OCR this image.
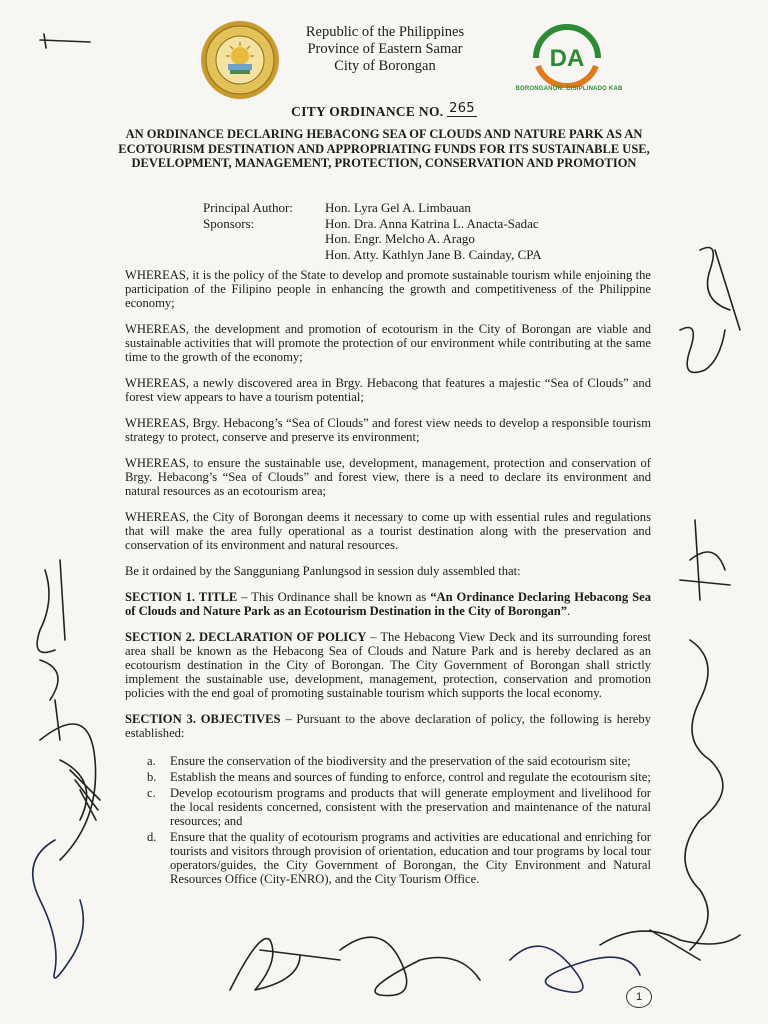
Republic of the Philippines
Province of Eastern Samar
City of Borongan	DA
BORONGANON: DISIPLINADO KAB
CITY ORDINANCE NO. 265
AN ORDINANCE DECLARING HEBACONG SEA OF CLOUDS AND NATURE PARK AS AN ECOTOURISM DESTINATION AND APPROPRIATING FUNDS FOR ITS SUSTAINABLE USE, DEVELOPMENT, MANAGEMENT, PROTECTION, CONSERVATION AND PROMOTION
Principal Author:	Hon. Lyra Gel A. Limbauan
Sponsors:	Hon. Dra. Anna Katrina L. Anacta-Sadac
Hon. Engr. Melcho A. Arago
Hon. Atty. Kathlyn Jane B. Cainday, CPA

WHEREAS, it is the policy of the State to develop and promote sustainable tourism while enjoining the participation of the Filipino people in enhancing the growth and competitiveness of the Philippine economy;

WHEREAS, the development and promotion of ecotourism in the City of Borongan are viable and sustainable activities that will promote the protection of our environment while contributing at the same time to the growth of the economy;

WHEREAS, a newly discovered area in Brgy. Hebacong that features a majestic “Sea of Clouds” and forest view appears to have a tourism potential;

WHEREAS, Brgy. Hebacong’s “Sea of Clouds” and forest view needs to develop a responsible tourism strategy to protect, conserve and preserve its environment;

WHEREAS, to ensure the sustainable use, development, management, protection and conservation of Brgy. Hebacong’s “Sea of Clouds” and forest view, there is a need to declare its environment and natural resources as an ecotourism area;

WHEREAS, the City of Borongan deems it necessary to come up with essential rules and regulations that will make the area fully operational as a tourist destination along with the preservation and conservation of its environment and natural resources.

Be it ordained by the Sangguniang Panlungsod in session duly assembled that:

SECTION 1. TITLE – This Ordinance shall be known as “An Ordinance Declaring Hebacong Sea of Clouds and Nature Park as an Ecotourism Destination in the City of Borongan”.

SECTION 2. DECLARATION OF POLICY – The Hebacong View Deck and its surrounding forest area shall be known as the Hebacong Sea of Clouds and Nature Park and is hereby declared as an ecotourism destination in the City of Borongan. The City Government of Borongan shall strictly implement the sustainable use, development, management, protection, conservation and promotion policies with the end goal of promoting sustainable tourism which supports the local economy.

SECTION 3. OBJECTIVES – Pursuant to the above declaration of policy, the following is hereby established:

a. Ensure the conservation of the biodiversity and the preservation of the said ecotourism site;
b. Establish the means and sources of funding to enforce, control and regulate the ecotourism site;
c. Develop ecotourism programs and products that will generate employment and livelihood for the local residents concerned, consistent with the preservation and maintenance of the natural resources; and
d. Ensure that the quality of ecotourism programs and activities are educational and enriching for tourists and visitors through provision of orientation, education and tour programs by local tour operators/guides, the City Government of Borongan, the City Environment and Natural Resources Office (City-ENRO), and the City Tourism Office.
1
